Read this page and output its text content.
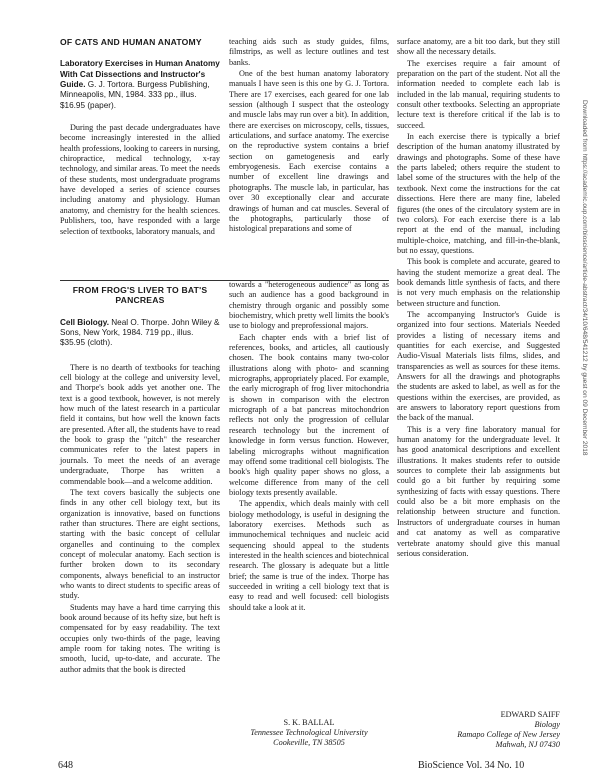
OF CATS AND HUMAN ANATOMY
Laboratory Exercises in Human Anatomy With Cat Dissections and Instructor's Guide. G. J. Tortora. Burgess Publishing, Minneapolis, MN, 1984. 333 pp., illus. $16.95 (paper).

During the past decade undergraduates have become increasingly interested in the allied health professions, looking to careers in nursing, chiropractice, medical technology, x-ray technology, and similar areas. To meet the needs of these students, most undergraduate programs have developed a series of science courses including anatomy and physiology. Human anatomy, and chemistry for the health sciences. Publishers, too, have responded with a large selection of textbooks, laboratory manuals, and

teaching aids such as study guides, films, filmstrips, as well as lecture outlines and test banks.

One of the best human anatomy laboratory manuals I have seen is this one by G. J. Tortora. There are 17 exercises, each geared for one lab session (although I suspect that the osteology and muscle labs may run over a bit). In addition, there are exercises on microscopy, cells, tissues, articulations, and surface anatomy. The exercise on the reproductive system contains a brief section on gametogenesis and early embryogenesis. Each exercise contains a number of excellent line drawings and photographs. The muscle lab, in particular, has over 30 exceptionally clear and accurate drawings of human and cat muscles. Several of the photographs, particularly those of histological preparations and some of

FROM FROG'S LIVER TO BAT'S PANCREAS
Cell Biology. Neal O. Thorpe. John Wiley & Sons, New York, 1984. 719 pp., illus. $35.95 (cloth).

There is no dearth of textbooks for teaching cell biology at the college and university level, and Thorpe's book adds yet another one. The text is a good textbook, however, is not merely how much of the latest research in a particular field it contains, but how well the known facts are presented. After all, the students have to read the book to grasp the "pitch" the researcher communicates refer to the latest papers in journals. To meet the needs of an average undergraduate, Thorpe has written a commendable book—and a welcome addition.

The text covers basically the subjects one finds in any other cell biology text, but its organization is innovative, based on functions rather than structures. There are eight sections, starting with the basic concept of cellular organelles and continuing to the complex concept of molecular anatomy. Each section is further broken down to its secondary components, always beneficial to an instructor who wants to direct students to specific areas of study.

Students may have a hard time carrying this book around because of its hefty size, but heft is compensated for by easy readability. The text occupies only two-thirds of the page, leaving ample room for taking notes. The writing is smooth, lucid, up-to-date, and accurate. The author admits that the book is directed

towards a "heterogeneous audience" as long as such an audience has a good background in chemistry through organic and possibly some biochemistry, which pretty well limits the book's use to biology and preprofessional majors.

Each chapter ends with a brief list of references, books, and articles, all cautiously chosen. The book contains many two-color illustrations along with photo- and scanning micrographs, appropriately placed. For example, the early micrograph of frog liver mitochondria is shown in comparison with the electron micrograph of a bat pancreas mitochondrion reflects not only the progression of cellular research technology but the increment of knowledge in form versus function. However, labeling micrographs without magnification may offend some traditional cell biologists. The book's high quality paper shows no gloss, a welcome difference from many of the cell biology texts presently available.

The appendix, which deals mainly with cell biology methodology, is useful in designing the laboratory exercises. Methods such as immunochemical techniques and nucleic acid sequencing should appeal to the students interested in the health sciences and biotechnical research. The glossary is adequate but a little brief; the same is true of the index. Thorpe has succeeded in writing a cell biology text that is easy to read and well focused: cell biologists should take a look at it.

S. K. BALLAL
Tennessee Technological University
Cookeville, TN 38505

surface anatomy, are a bit too dark, but they still show all the necessary details.

The exercises require a fair amount of preparation on the part of the student. Not all the information needed to complete each lab is included in the lab manual, requiring students to consult other textbooks. Selecting an appropriate lecture text is therefore critical if the lab is to succeed.

In each exercise there is typically a brief description of the human anatomy illustrated by drawings and photographs. Some of these have the parts labeled; others require the student to label some of the structures with the help of the textbook. Next come the instructions for the cat dissections. Here there are many fine, labeled figures (the ones of the circulatory system are in two colors). For each exercise there is a lab report at the end of the manual, including multiple-choice, matching, and fill-in-the-blank, but no essay, questions.

This book is complete and accurate, geared to having the student memorize a great deal. The book demands little synthesis of facts, and there is not very much emphasis on the relationship between structure and function.

The accompanying Instructor's Guide is organized into four sections. Materials Needed provides a listing of necessary items and quantities for each exercise, and Suggested Audio-Visual Materials lists films, slides, and transparencies as well as sources for these items. Answers for all the drawings and photographs the students are asked to label, as well as for the questions within the exercises, are provided, as are answers to laboratory report questions from the back of the manual.

This is a very fine laboratory manual for human anatomy for the undergraduate level. It has good anatomical descriptions and excellent illustrations. It makes students refer to outside sources to complete their lab assignments but could go a bit further by requiring some synthesizing of facts with essay questions. There could also be a bit more emphasis on the relationship between structure and function. Instructors of undergraduate courses in human and cat anatomy as well as comparative vertebrate anatomy should give this manual serious consideration.

EDWARD SAIFF
Biology
Ramapo College of New Jersey
Mahwah, NJ 07430
648	BioScience Vol. 34 No. 10
Downloaded from https://academic.oup.com/bioscience/article-abstract/34/10/648/541212 by guest on 09 December 2018
